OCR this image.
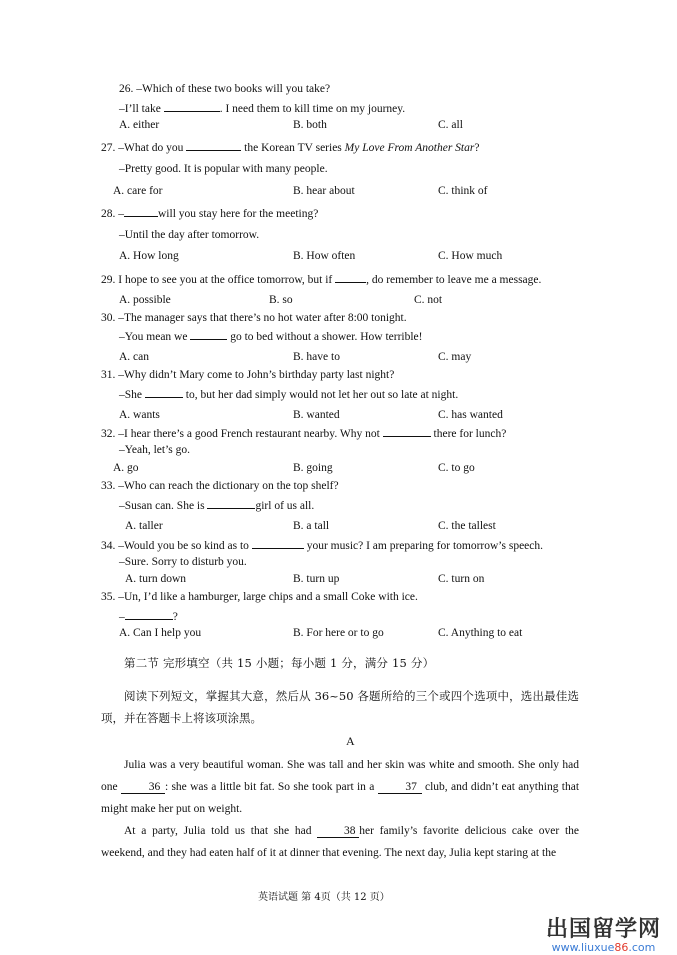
26. –Which of these two books will you take?
–I’ll take	. I need them to kill time on my journey.
A. either	B. both	C. all
27. –What do you	the Korean TV series My Love From Another Star?
–Pretty good. It is popular with many people.
A. care for	B. hear about	C. think of
28. –	will you stay here for the meeting?
–Until the day after tomorrow.
A. How long	B. How often	C. How much
29. I hope to see you at the office tomorrow, but if	, do remember to leave me a message.
A. possible	B. so	C. not
30. –The manager says that there’s no hot water after 8:00 tonight.
–You mean we	go to bed without a shower. How terrible!
A. can	B. have to	C. may
31. –Why didn’t Mary come to John’s birthday party last night?
–She	to, but her dad simply would not let her out so late at night.
A. wants	B. wanted	C. has wanted
32. –I hear there’s a good French restaurant nearby. Why not	there for lunch?
–Yeah, let’s go.
A. go	B. going	C. to go
33. –Who can reach the dictionary on the top shelf?
–Susan can. She is	girl of us all.
A. taller	B. a tall	C. the tallest
34. –Would you be so kind as to	your music? I am preparing for tomorrow’s speech.
–Sure. Sorry to disturb you.
A. turn down	B. turn up	C. turn on
35. –Un, I’d like a hamburger, large chips and a small Coke with ice.
–	?
A. Can I help you	B. For here or to go	C. Anything to eat
第二节 完形填空（共 15 小题；每小题 1 分，满分 15 分）
阅读下列短文，掌握其大意，然后从 36~50 各题所给的三个或四个选项中，选出最佳选项，并在答题卡上将该项涂黑。
A

Julia was a very beautiful woman. She was tall and her skin was white and smooth. She only had one 36 : she was a little bit fat. So she took part in a 37 club, and didn’t eat anything that might make her put on weight.

At a party, Julia told us that she had 38 her family’s favorite delicious cake over the weekend, and they had eaten half of it at dinner that evening. The next day, Julia kept staring at the

英语试题 第 4页（共 12 页）
出国留学网
www.liuxue86.com
